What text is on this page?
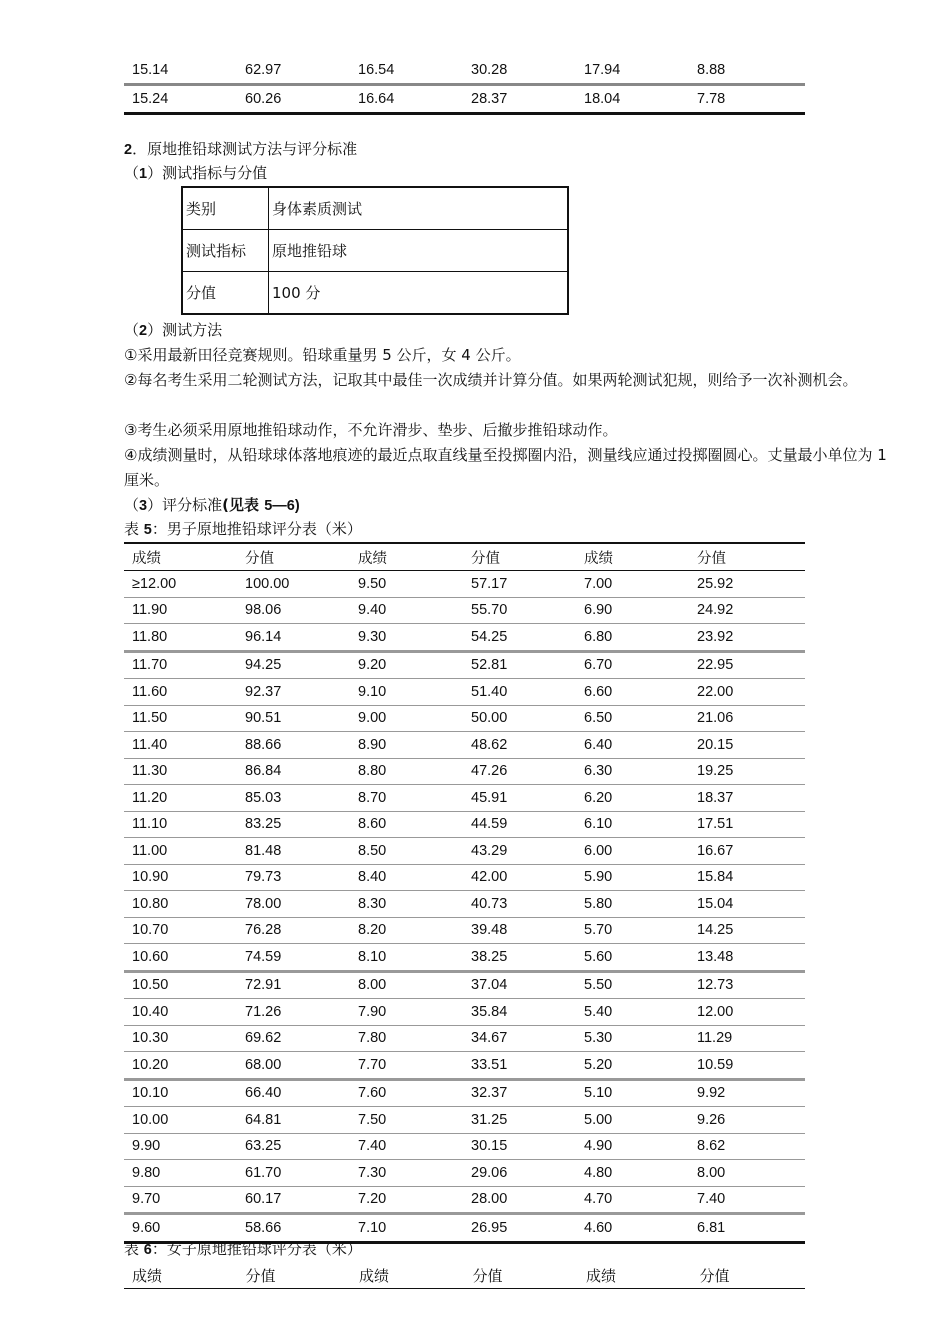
15.14	62.97	16.54	30.28	17.94	8.88
15.24	60.26	16.64	28.37	18.04	7.78
2．原地推铅球测试方法与评分标准
（1）测试指标与分值
类别	身体素质测试
测试指标	原地推铅球
分值	100 分
（2）测试方法
①采用最新田径竞赛规则。铅球重量男 5 公斤，女 4 公斤。
②每名考生采用二轮测试方法，记取其中最佳一次成绩并计算分值。如果两轮测试犯规，则给予一次补测机会。
③考生必须采用原地推铅球动作，不允许滑步、垫步、后撤步推铅球动作。
④成绩测量时，从铅球球体落地痕迹的最近点取直线量至投掷圈内沿，测量线应通过投掷圈圆心。丈量最小单位为 1 厘米。
（3）评分标准(见表 5—6)
表 5：男子原地推铅球评分表（米）
成绩	分值	成绩	分值	成绩	分值
≥12.00	100.00	9.50	57.17	7.00	25.92
11.90	98.06	9.40	55.70	6.90	24.92
11.80	96.14	9.30	54.25	6.80	23.92
11.70	94.25	9.20	52.81	6.70	22.95
11.60	92.37	9.10	51.40	6.60	22.00
11.50	90.51	9.00	50.00	6.50	21.06
11.40	88.66	8.90	48.62	6.40	20.15
11.30	86.84	8.80	47.26	6.30	19.25
11.20	85.03	8.70	45.91	6.20	18.37
11.10	83.25	8.60	44.59	6.10	17.51
11.00	81.48	8.50	43.29	6.00	16.67
10.90	79.73	8.40	42.00	5.90	15.84
10.80	78.00	8.30	40.73	5.80	15.04
10.70	76.28	8.20	39.48	5.70	14.25
10.60	74.59	8.10	38.25	5.60	13.48
10.50	72.91	8.00	37.04	5.50	12.73
10.40	71.26	7.90	35.84	5.40	12.00
10.30	69.62	7.80	34.67	5.30	11.29
10.20	68.00	7.70	33.51	5.20	10.59
10.10	66.40	7.60	32.37	5.10	9.92
10.00	64.81	7.50	31.25	5.00	9.26
9.90	63.25	7.40	30.15	4.90	8.62
9.80	61.70	7.30	29.06	4.80	8.00
9.70	60.17	7.20	28.00	4.70	7.40
9.60	58.66	7.10	26.95	4.60	6.81
表 6：女子原地推铅球评分表（米）
成绩	分值	成绩	分值	成绩	分值
